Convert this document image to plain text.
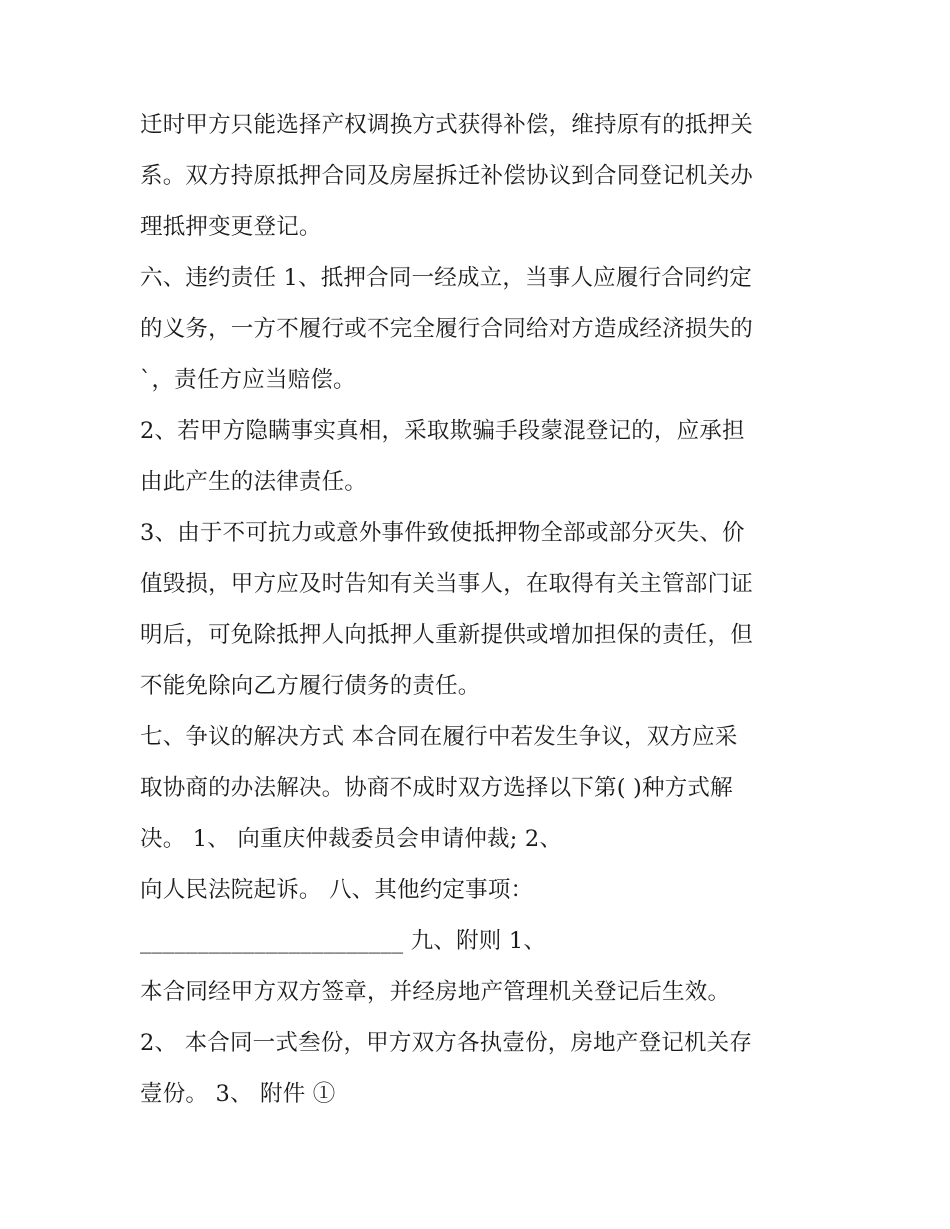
迁时甲方只能选择产权调换方式获得补偿，维持原有的抵押关
系。双方持原抵押合同及房屋拆迁补偿协议到合同登记机关办
理抵押变更登记。
六、违约责任 1、抵押合同一经成立，当事人应履行合同约定
的义务，一方不履行或不完全履行合同给对方造成经济损失的
`，责任方应当赔偿。
2、若甲方隐瞒事实真相，采取欺骗手段蒙混登记的，应承担
由此产生的法律责任。
3、由于不可抗力或意外事件致使抵押物全部或部分灭失、价
值毁损，甲方应及时告知有关当事人，在取得有关主管部门证
明后，可免除抵押人向抵押人重新提供或增加担保的责任，但
不能免除向乙方履行债务的责任。
七、争议的解决方式 本合同在履行中若发生争议，双方应采
取协商的办法解决。协商不成时双方选择以下第( )种方式解
决。 1、 向重庆仲裁委员会申请仲裁; 2、
向人民法院起诉。 八、其他约定事项：
_______________________ 九、附则 1、
本合同经甲方双方签章，并经房地产管理机关登记后生效。
2、 本合同一式叁份，甲方双方各执壹份，房地产登记机关存
壹份。 3、 附件 ①
